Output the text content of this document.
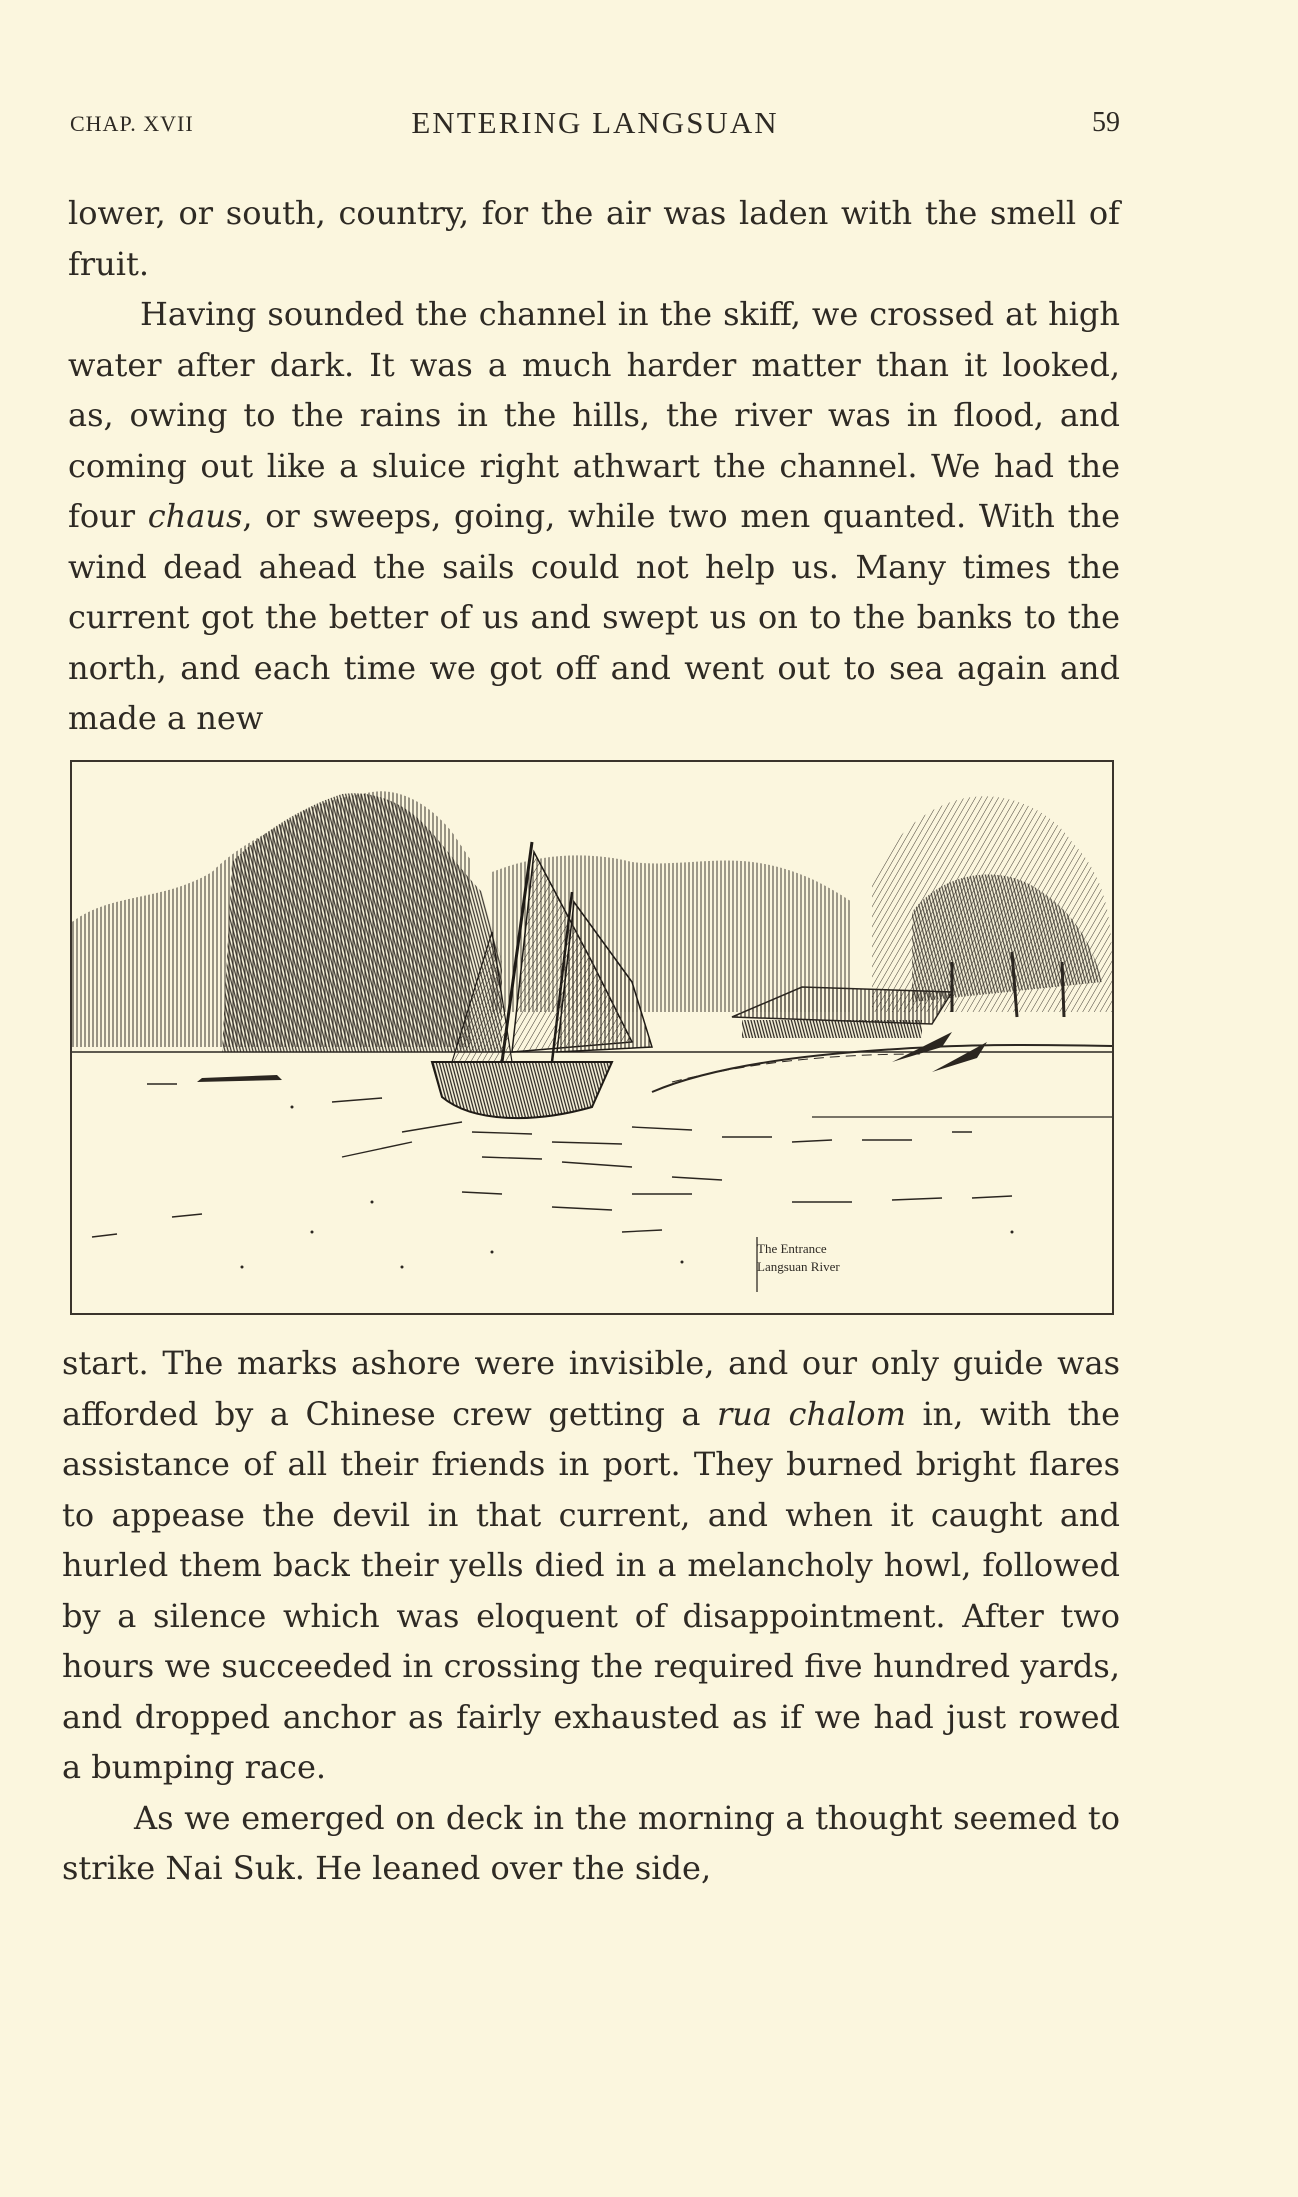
CHAP. XVII	ENTERING LANGSUAN	59

lower, or south, country, for the air was laden with the smell of fruit.

Having sounded the channel in the skiff, we crossed at high water after dark. It was a much harder matter than it looked, as, owing to the rains in the hills, the river was in flood, and coming out like a sluice right athwart the channel. We had the four chaus, or sweeps, going, while two men quanted. With the wind dead ahead the sails could not help us. Many times the current got the better of us and swept us on to the banks to the north, and each time we got off and went out to sea again and made a new

The Entrance
Langsuan River

start. The marks ashore were invisible, and our only guide was afforded by a Chinese crew getting a rua chalom in, with the assistance of all their friends in port. They burned bright flares to appease the devil in that current, and when it caught and hurled them back their yells died in a melancholy howl, followed by a silence which was eloquent of disappointment. After two hours we succeeded in crossing the required five hundred yards, and dropped anchor as fairly exhausted as if we had just rowed a bumping race.

As we emerged on deck in the morning a thought seemed to strike Nai Suk. He leaned over the side,
